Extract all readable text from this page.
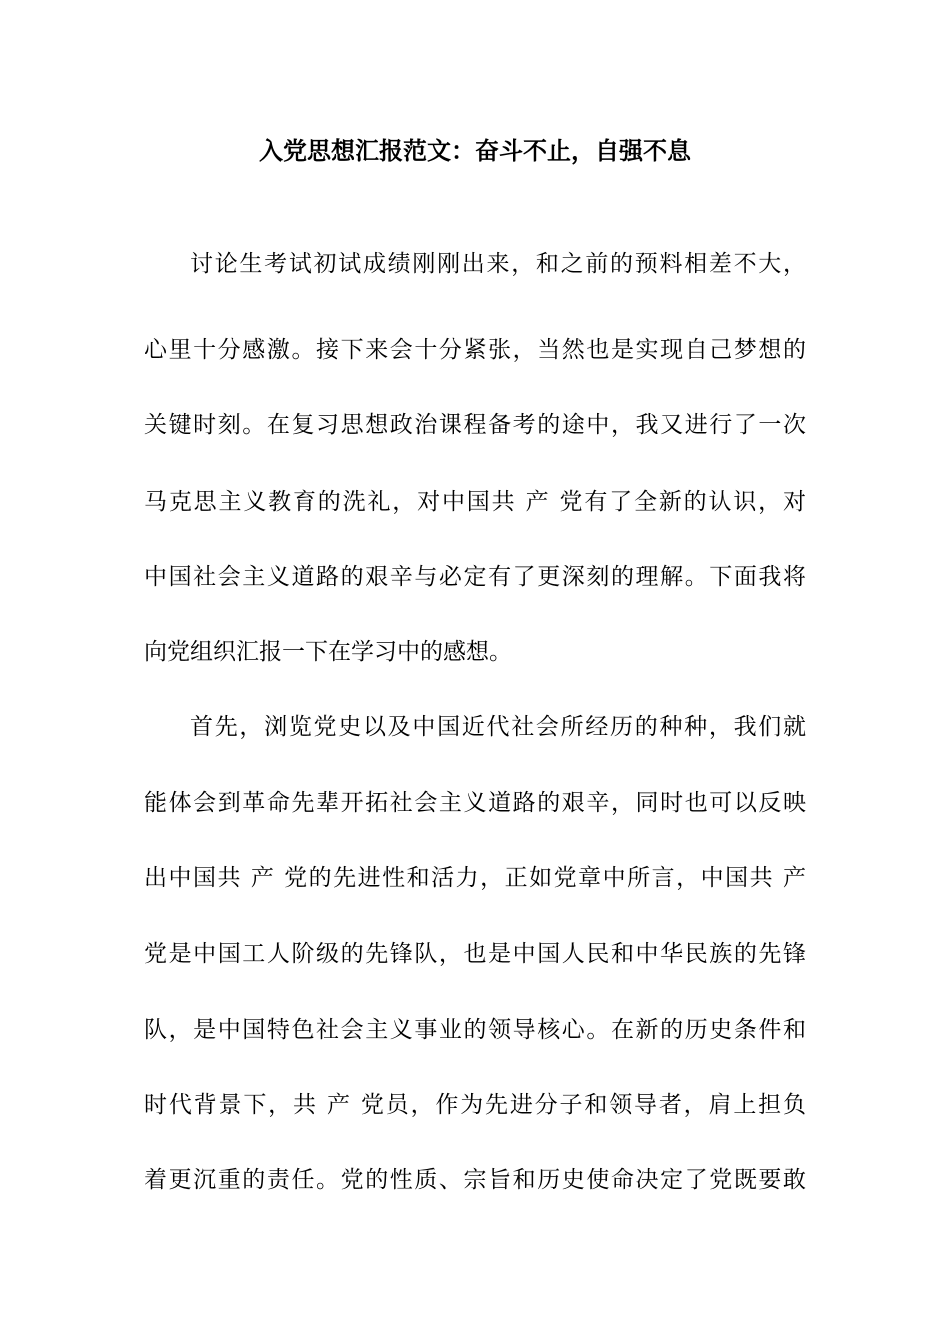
入党思想汇报范文：奋斗不止，自强不息
讨论生考试初试成绩刚刚出来，和之前的预料相差不大，
心里十分感激。接下来会十分紧张，当然也是实现自己梦想的
关键时刻。在复习思想政治课程备考的途中，我又进行了一次
马克思主义教育的洗礼，对中国共 产 党有了全新的认识，对
中国社会主义道路的艰辛与必定有了更深刻的理解。下面我将
向党组织汇报一下在学习中的感想。
首先，浏览党史以及中国近代社会所经历的种种，我们就
能体会到革命先辈开拓社会主义道路的艰辛，同时也可以反映
出中国共 产 党的先进性和活力，正如党章中所言，中国共 产
党是中国工人阶级的先锋队，也是中国人民和中华民族的先锋
队，是中国特色社会主义事业的领导核心。在新的历史条件和
时代背景下，共 产 党员，作为先进分子和领导者，肩上担负
着更沉重的责任。党的性质、宗旨和历史使命决定了党既要敢
